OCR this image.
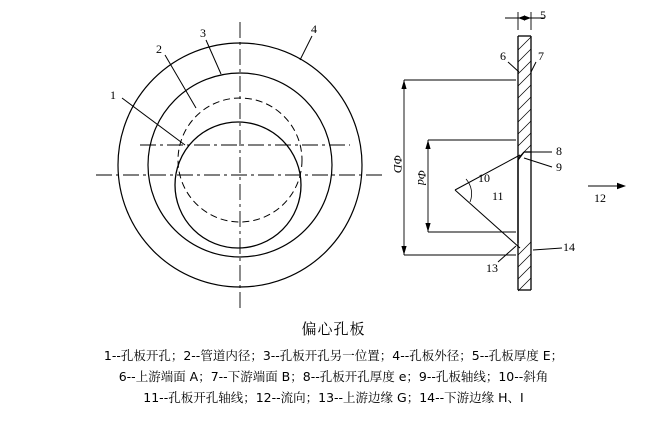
1
2
3	4
5
6	7
8
9
10
11	12
13
14
ΦD
Φd
偏心孔板
1--孔板开孔；2--管道内径；3--孔板开孔另一位置；4--孔板外径；5--孔板厚度 E；
6--上游端面 A；7--下游端面 B；8--孔板开孔厚度 e；9--孔板轴线；10--斜角
11--孔板开孔轴线；12--流向；13--上游边缘 G；14--下游边缘 H、I
